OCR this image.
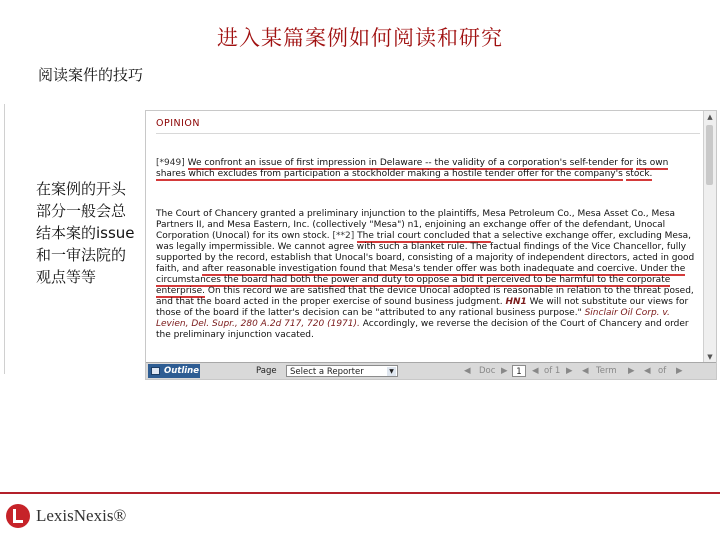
进入某篇案例如何阅读和研究
阅读案件的技巧
在案例的开头部分一般会总结本案的issue和一审法院的观点等等
OPINION

[*949] We confront an issue of first impression in Delaware -- the validity of a corporation's self-tender for its own shares which excludes from participation a stockholder making a hostile tender offer for the company's stock.

The Court of Chancery granted a preliminary injunction to the plaintiffs, Mesa Petroleum Co., Mesa Asset Co., Mesa Partners II, and Mesa Eastern, Inc. (collectively "Mesa") n1, enjoining an exchange offer of the defendant, Unocal Corporation (Unocal) for its own stock. [**2] The trial court concluded that a selective exchange offer, excluding Mesa, was legally impermissible. We cannot agree with such a blanket rule. The factual findings of the Vice Chancellor, fully supported by the record, establish that Unocal's board, consisting of a majority of independent directors, acted in good faith, and after reasonable investigation found that Mesa's tender offer was both inadequate and coercive. Under the circumstances the board had both the power and duty to oppose a bid it perceived to be harmful to the corporate enterprise. On this record we are satisfied that the device Unocal adopted is reasonable in relation to the threat posed, and that the board acted in the proper exercise of sound business judgment. HN1 We will not substitute our views for those of the board if the latter's decision can be "attributed to any rational business purpose." Sinclair Oil Corp. v. Levien, Del. Supr., 280 A.2d 717, 720 (1971). Accordingly, we reverse the decision of the Court of Chancery and order the preliminary injunction vacated.

▲
▼
Outline	Page	Select a Reporter	▼	◀ Doc ▶	1	◀ of 1 ▶ ◀ Term ▶ ◀ of ▶
LexisNexis®
